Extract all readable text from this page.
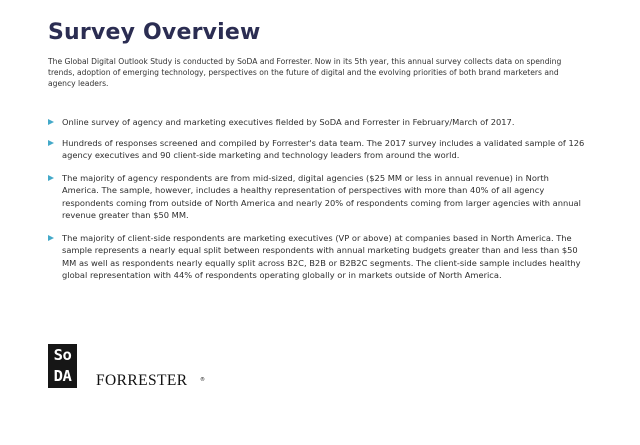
Survey Overview
The Global Digital Outlook Study is conducted by SoDA and Forrester. Now in its 5th year, this annual survey collects data on spending trends, adoption of emerging technology, perspectives on the future of digital and the evolving priorities of both brand marketers and agency leaders.
Online survey of agency and marketing executives fielded by SoDA and Forrester in February/March of 2017.
Hundreds of responses screened and compiled by Forrester's data team. The 2017 survey includes a validated sample of 126 agency executives and 90 client-side marketing and technology leaders from around the world.
The majority of agency respondents are from mid-sized, digital agencies ($25 MM or less in annual revenue) in North America. The sample, however, includes a healthy representation of perspectives with more than 40% of all agency respondents coming from outside of North America and nearly 20% of respondents coming from larger agencies with annual revenue greater than $50 MM.
The majority of client-side respondents are marketing executives (VP or above) at companies based in North America. The sample represents a nearly equal split between respondents with annual marketing budgets greater than and less than $50 MM as well as respondents nearly equally split across B2C, B2B or B2B2C segments. The client-side sample includes healthy global representation with 44% of respondents operating globally or in markets outside of North America.
So
DA	FORRESTER	®
